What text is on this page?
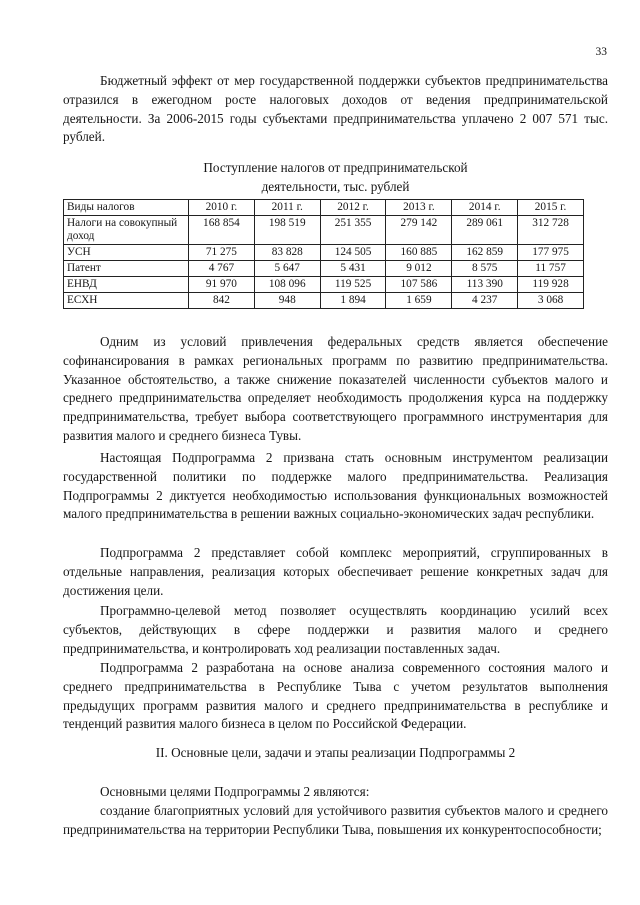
33

Бюджетный эффект от мер государственной поддержки субъектов предпринимательства отразился в ежегодном росте налоговых доходов от ведения предпринимательской деятельности. За 2006-2015 годы субъектами предпринимательства уплачено 2 007 571 тыс. рублей.

Поступление налогов от предпринимательской
деятельности, тыс. рублей
Виды налогов	2010 г.	2011 г.	2012 г.	2013 г.	2014 г.	2015 г.
Налоги на совокупный доход	168 854	198 519	251 355	279 142	289 061	312 728
УСН	71 275	83 828	124 505	160 885	162 859	177 975
Патент	4 767	5 647	5 431	9 012	8 575	11 757
ЕНВД	91 970	108 096	119 525	107 586	113 390	119 928
ЕСХН	842	948	1 894	1 659	4 237	3 068

Одним из условий привлечения федеральных средств является обеспечение софинансирования в рамках региональных программ по развитию предпринимательства. Указанное обстоятельство, а также снижение показателей численности субъектов малого и среднего предпринимательства определяет необходимость продолжения курса на поддержку предпринимательства, требует выбора соответствующего программного инструментария для развития малого и среднего бизнеса Тувы.

Настоящая Подпрограмма 2 призвана стать основным инструментом реализации государственной политики по поддержке малого предпринимательства. Реализация Подпрограммы 2 диктуется необходимостью использования функциональных возможностей малого предпринимательства в решении важных социально-экономических задач республики.

Подпрограмма 2 представляет собой комплекс мероприятий, сгруппированных в отдельные направления, реализация которых обеспечивает решение конкретных задач для достижения цели.

Программно-целевой метод позволяет осуществлять координацию усилий всех субъектов, действующих в сфере поддержки и развития малого и среднего предпринимательства, и контролировать ход реализации поставленных задач.

Подпрограмма 2 разработана на основе анализа современного состояния малого и среднего предпринимательства в Республике Тыва с учетом результатов выполнения предыдущих программ развития малого и среднего предпринимательства в республике и тенденций развития малого бизнеса в целом по Российской Федерации.

II. Основные цели, задачи и этапы реализации Подпрограммы 2

Основными целями Подпрограммы 2 являются:

создание благоприятных условий для устойчивого развития субъектов малого и среднего предпринимательства на территории Республики Тыва, повышения их конкурентоспособности;
